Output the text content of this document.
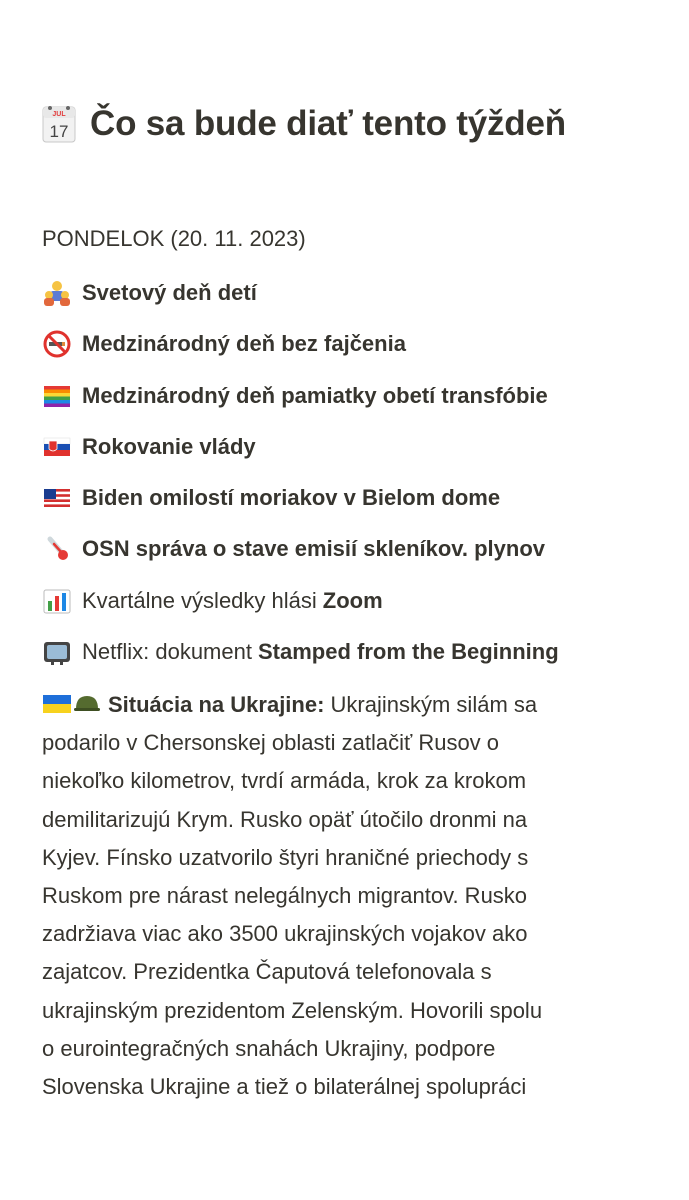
JUL
17 Čo sa bude diať tento týždeň
PONDELOK (20. 11. 2023)
Svetový deň detí
Medzinárodný deň bez fajčenia
Medzinárodný deň pamiatky obetí transfóbie
Rokovanie vlády
Biden omilostí moriakov v Bielom dome
OSN správa o stave emisií skleníkov. plynov
Kvartálne výsledky hlási Zoom
Netflix: dokument Stamped from the Beginning
Situácia na Ukrajine: Ukrajinským silám sa
podarilo v Chersonskej oblasti zatlačiť Rusov o
niekoľko kilometrov, tvrdí armáda, krok za krokom
demilitarizujú Krym. Rusko opäť útočilo dronmi na
Kyjev. Fínsko uzatvorilo štyri hraničné priechody s
Ruskom pre nárast nelegálnych migrantov. Rusko
zadržiava viac ako 3500 ukrajinských vojakov ako
zajatcov. Prezidentka Čaputová telefonovala s
ukrajinským prezidentom Zelenským. Hovorili spolu
o eurointegračných snahách Ukrajiny, podpore
Slovenska Ukrajine a tiež o bilaterálnej spolupráci
